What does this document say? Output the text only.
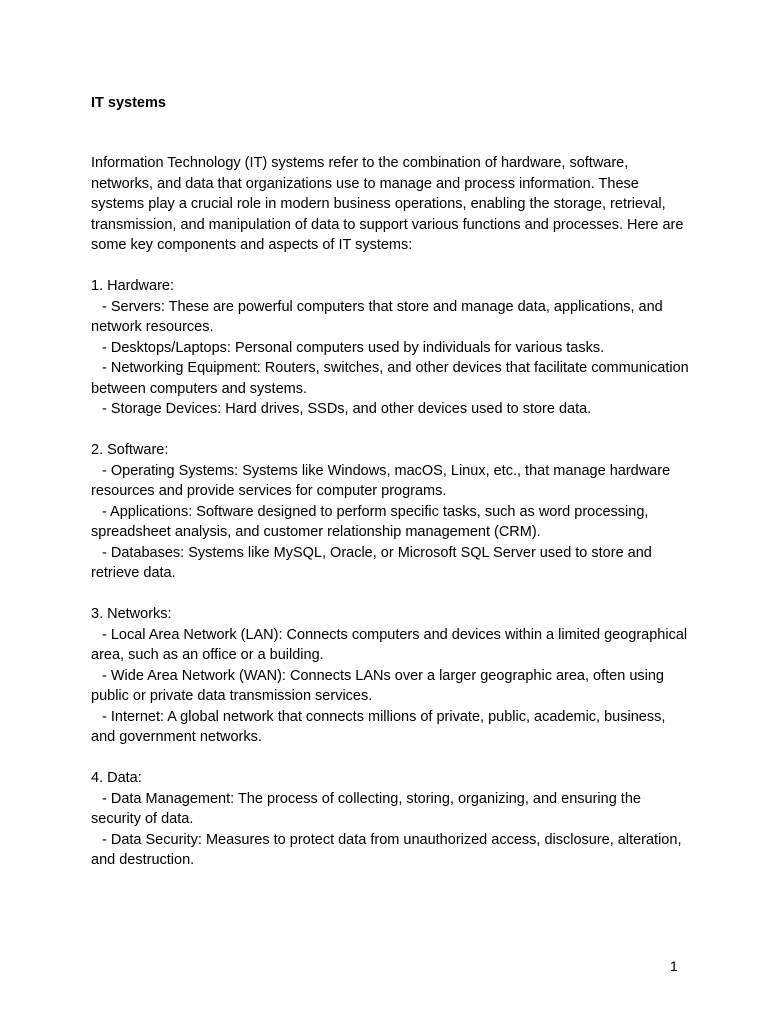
IT systems

Information Technology (IT) systems refer to the combination of hardware, software, networks, and data that organizations use to manage and process information. These systems play a crucial role in modern business operations, enabling the storage, retrieval, transmission, and manipulation of data to support various functions and processes. Here are some key components and aspects of IT systems:

1. Hardware:

- Servers: These are powerful computers that store and manage data, applications, and network resources.

- Desktops/Laptops: Personal computers used by individuals for various tasks.

- Networking Equipment: Routers, switches, and other devices that facilitate communication between computers and systems.

- Storage Devices: Hard drives, SSDs, and other devices used to store data.

2. Software:

- Operating Systems: Systems like Windows, macOS, Linux, etc., that manage hardware resources and provide services for computer programs.

- Applications: Software designed to perform specific tasks, such as word processing, spreadsheet analysis, and customer relationship management (CRM).

- Databases: Systems like MySQL, Oracle, or Microsoft SQL Server used to store and retrieve data.

3. Networks:

- Local Area Network (LAN): Connects computers and devices within a limited geographical area, such as an office or a building.

- Wide Area Network (WAN): Connects LANs over a larger geographic area, often using public or private data transmission services.

- Internet: A global network that connects millions of private, public, academic, business, and government networks.

4. Data:

- Data Management: The process of collecting, storing, organizing, and ensuring the security of data.

- Data Security: Measures to protect data from unauthorized access, disclosure, alteration, and destruction.

1
